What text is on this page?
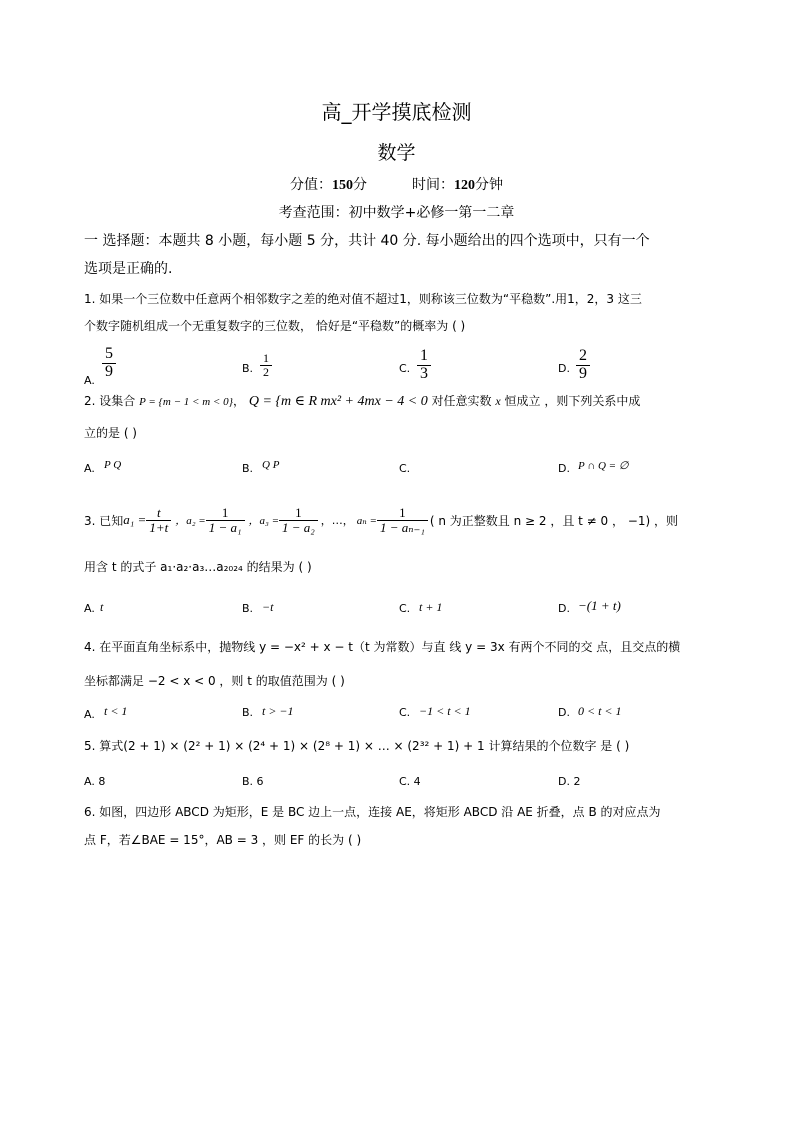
高_开学摸底检测
数学
分值：150分	时间：120分钟
考查范围：初中数学+必修一第一二章
一 选择题：本题共 8 小题，每小题 5 分，共计 40 分. 每小题给出的四个选项中，只有一个
选项是正确的.
1. 如果一个三位数中任意两个相邻数字之差的绝对值不超过1，则称该三位数为“平稳数”.用1，2，3 这三
个数字随机组成一个无重复数字的三位数， 恰好是“平稳数”的概率为 ( )
A. $\frac{5}{9}$	B. $\frac{1}{2}$	C. $\frac{1}{3}$	D. $\frac{2}{9}$
2. 设集合 P = {m − 1 < m < 0}， Q = {m ∈ R mx² + 4mx − 4 < 0 对任意实数 x 恒成立 ，则下列关系中成
立的是 ( )
A. P Q	B. Q P	C.	D. P ∩ Q = ∅
3. 已知 $a_1 = \frac{t}{1+t}$ ，$a_2 = \frac{1}{\text{1 − a₁}}$ ，$a_3 = \frac{1}{\text{1 − a₂}}$ ，…， $a_n = \frac{1}{\text{1 − aₙ₋₁}}$ ( n 为正整数且 n ≥ 2 ，且 t ≠ 0 ， −1) ，则
用含 t 的式子 a₁·a₂·a₃…a₂₀₂₄ 的结果为 ( )
A. t	B. −t	C. t + 1	D. −(1 + t)
4. 在平面直角坐标系中，抛物线 y = −x² + x − t（t 为常数）与直 线 y = 3x 有两个不同的交 点，且交点的横
坐标都满足 −2 < x < 0 ，则 t 的取值范围为 ( )
A. t < 1	B. t > −1	C. −1 < t < 1	D. 0 < t < 1
5. 算式(2 + 1) × (2² + 1) × (2⁴ + 1) × (2⁸ + 1) × … × (2³² + 1) + 1 计算结果的个位数字 是 ( )
A. 8	B. 6	C. 4	D. 2
6. 如图，四边形 ABCD 为矩形，E 是 BC 边上一点，连接 AE，将矩形 ABCD 沿 AE 折叠，点 B 的对应点为
点 F，若∠BAE = 15°，AB = 3 ，则 EF 的长为 ( )
